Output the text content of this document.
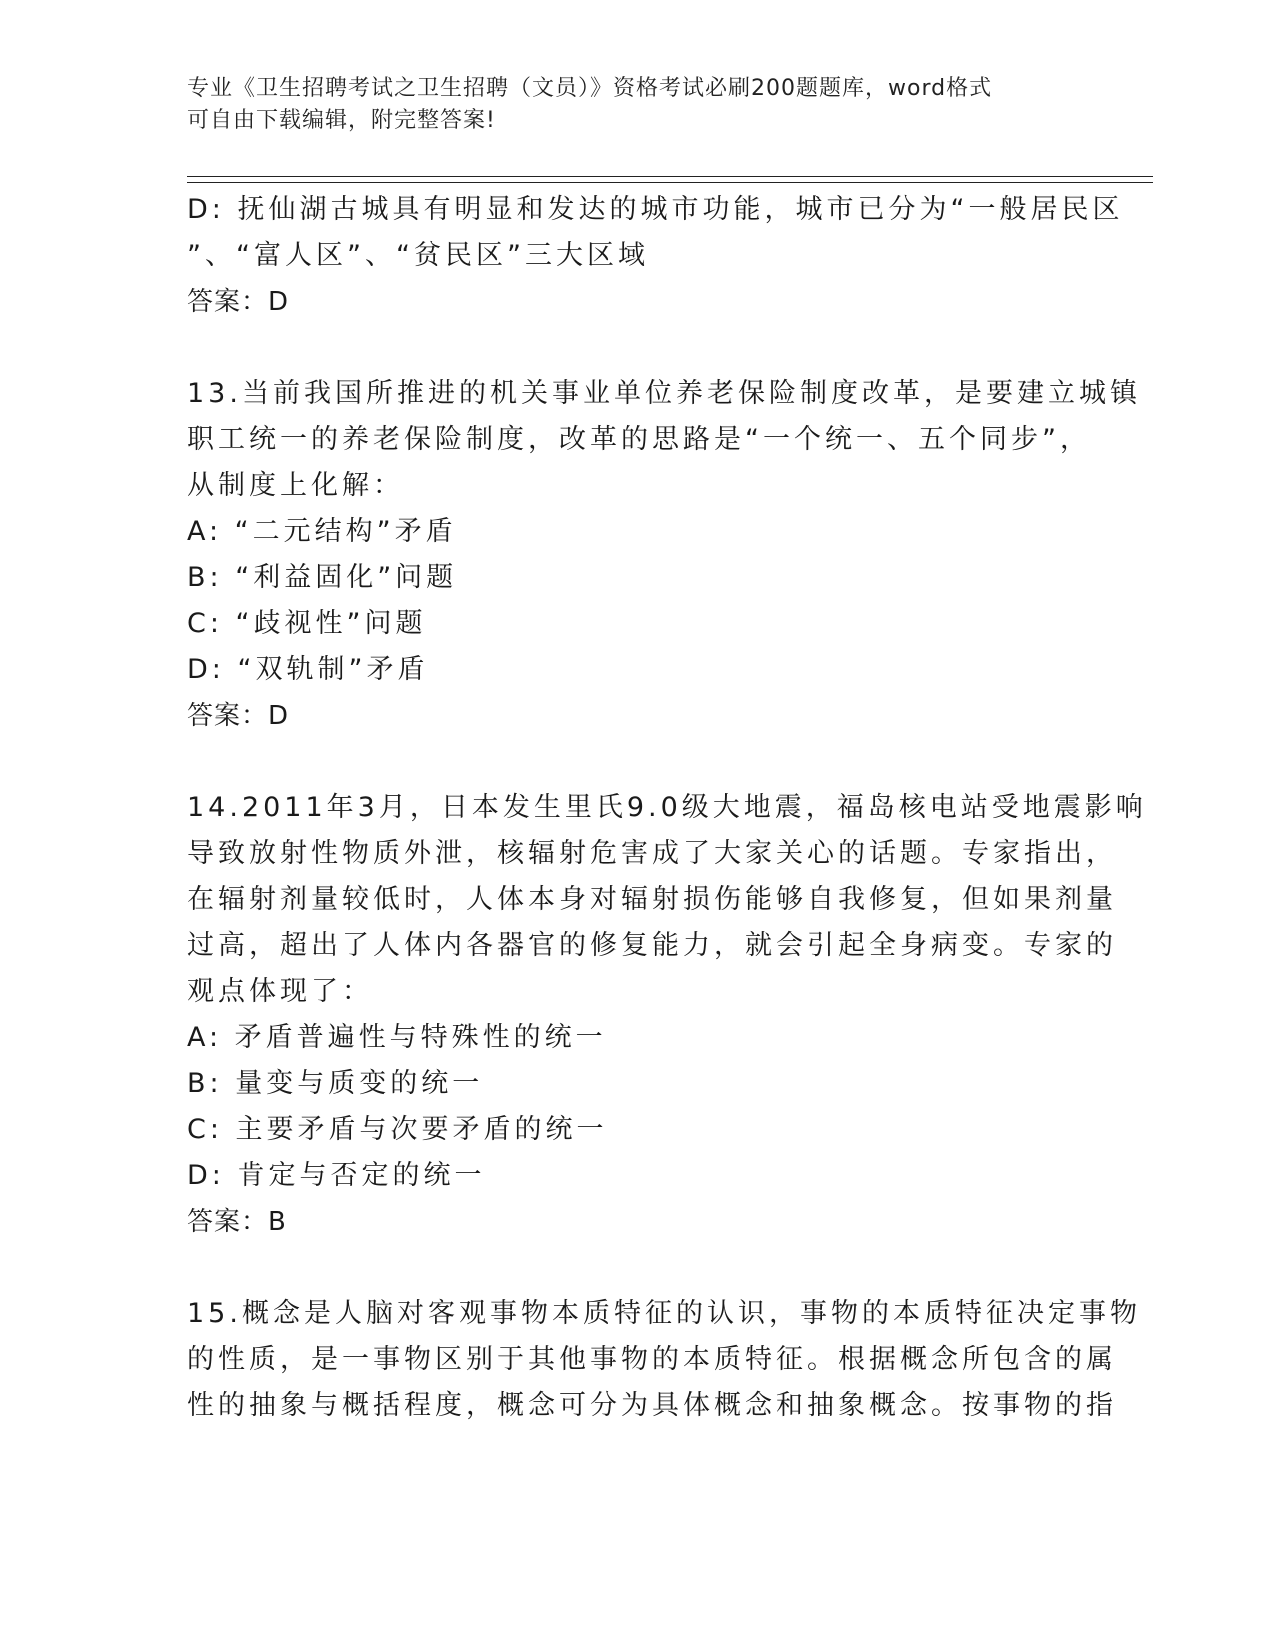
专业《卫生招聘考试之卫生招聘（文员）》资格考试必刷200题题库，word格式
可自由下载编辑，附完整答案!
D: 抚仙湖古城具有明显和发达的城市功能，城市已分为“一般居民区
”、“富人区”、“贫民区”三大区域
答案：D
13.当前我国所推进的机关事业单位养老保险制度改革，是要建立城镇
职工统一的养老保险制度，改革的思路是“一个统一、五个同步”，
从制度上化解：
A: “二元结构”矛盾
B: “利益固化”问题
C: “歧视性”问题
D: “双轨制”矛盾
答案：D
14.2011年3月，日本发生里氏9.0级大地震，福岛核电站受地震影响
导致放射性物质外泄，核辐射危害成了大家关心的话题。专家指出，
在辐射剂量较低时，人体本身对辐射损伤能够自我修复，但如果剂量
过高，超出了人体内各器官的修复能力，就会引起全身病变。专家的
观点体现了：
A: 矛盾普遍性与特殊性的统一
B: 量变与质变的统一
C: 主要矛盾与次要矛盾的统一
D: 肯定与否定的统一
答案：B
15.概念是人脑对客观事物本质特征的认识，事物的本质特征决定事物
的性质，是一事物区别于其他事物的本质特征。根据概念所包含的属
性的抽象与概括程度，概念可分为具体概念和抽象概念。按事物的指
